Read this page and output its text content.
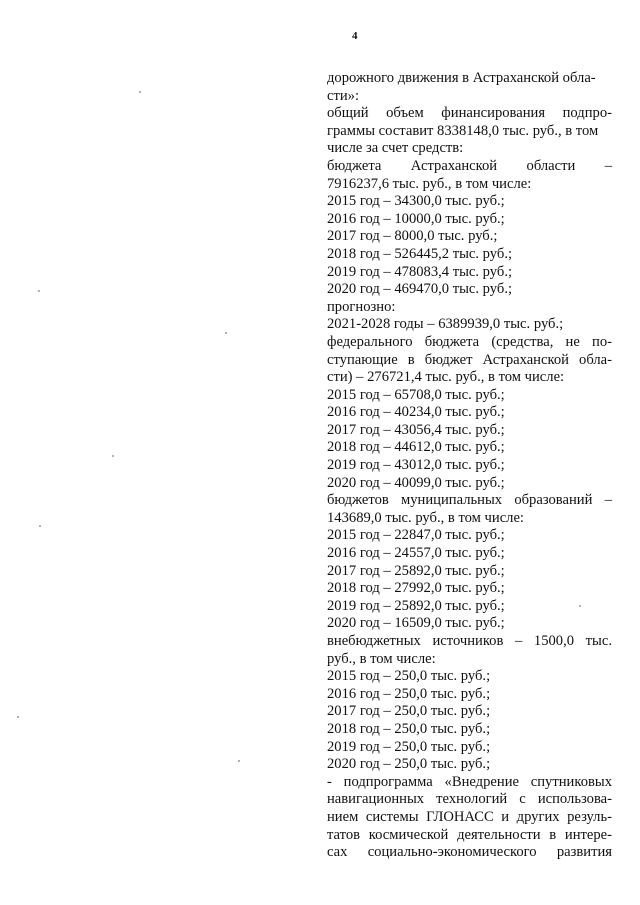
4
дорожного движения в Астраханской обла-
сти»:
общий объем финансирования подпро-
граммы составит 8338148,0 тыс. руб., в том
числе за счет средств:
бюджета Астраханской области –
7916237,6 тыс. руб., в том числе:
2015 год – 34300,0 тыс. руб.;
2016 год – 10000,0 тыс. руб.;
2017 год – 8000,0 тыс. руб.;
2018 год – 526445,2 тыс. руб.;
2019 год – 478083,4 тыс. руб.;
2020 год – 469470,0 тыс. руб.;
прогнозно:
2021-2028 годы – 6389939,0 тыс. руб.;
федерального бюджета (средства, не по-
ступающие в бюджет Астраханской обла-
сти) – 276721,4 тыс. руб., в том числе:
2015 год – 65708,0 тыс. руб.;
2016 год – 40234,0 тыс. руб.;
2017 год – 43056,4 тыс. руб.;
2018 год – 44612,0 тыс. руб.;
2019 год – 43012,0 тыс. руб.;
2020 год – 40099,0 тыс. руб.;
бюджетов муниципальных образований –
143689,0 тыс. руб., в том числе:
2015 год – 22847,0 тыс. руб.;
2016 год – 24557,0 тыс. руб.;
2017 год – 25892,0 тыс. руб.;
2018 год – 27992,0 тыс. руб.;
2019 год – 25892,0 тыс. руб.;
2020 год – 16509,0 тыс. руб.;
внебюджетных источников – 1500,0 тыс.
руб., в том числе:
2015 год – 250,0 тыс. руб.;
2016 год – 250,0 тыс. руб.;
2017 год – 250,0 тыс. руб.;
2018 год – 250,0 тыс. руб.;
2019 год – 250,0 тыс. руб.;
2020 год – 250,0 тыс. руб.;
- подпрограмма «Внедрение спутниковых
навигационных технологий с использова-
нием системы ГЛОНАСС и других резуль-
татов космической деятельности в интере-
сах социально-экономического развития
